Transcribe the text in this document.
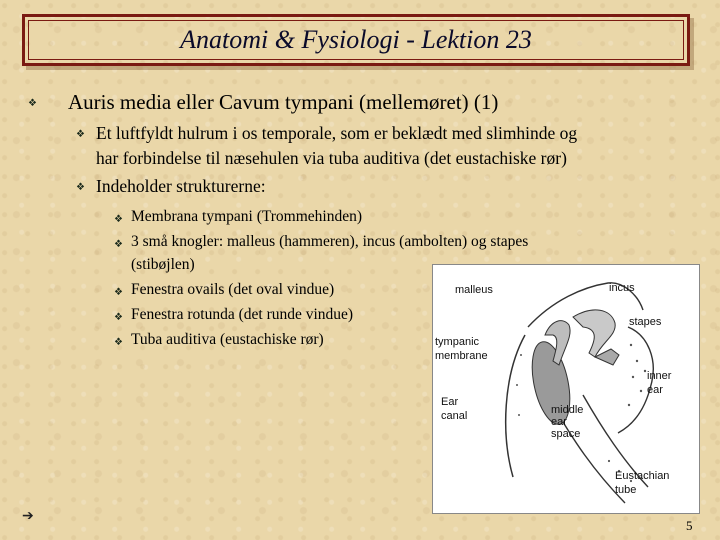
Anatomi & Fysiologi - Lektion 23
❖ Auris media eller Cavum tympani (mellemøret) (1)
❖ Et luftfyldt hulrum i os temporale, som er beklædt med slimhinde og
har forbindelse til næsehulen via tuba auditiva (det eustachiske rør)
❖ Indeholder strukturerne:
❖ Membrana tympani (Trommehinden)
❖ 3 små knogler: malleus (hammeren), incus (ambolten) og stapes
(stibøjlen)
❖ Fenestra ovails (det oval vindue)
❖ Fenestra rotunda (det runde vindue)
❖ Tuba auditiva (eustachiske rør)
malleus	incus
stapes
tympanic
membrane
inner
ear
Ear
canal	middle
ear
space
Eustachian
tube
➔
5
